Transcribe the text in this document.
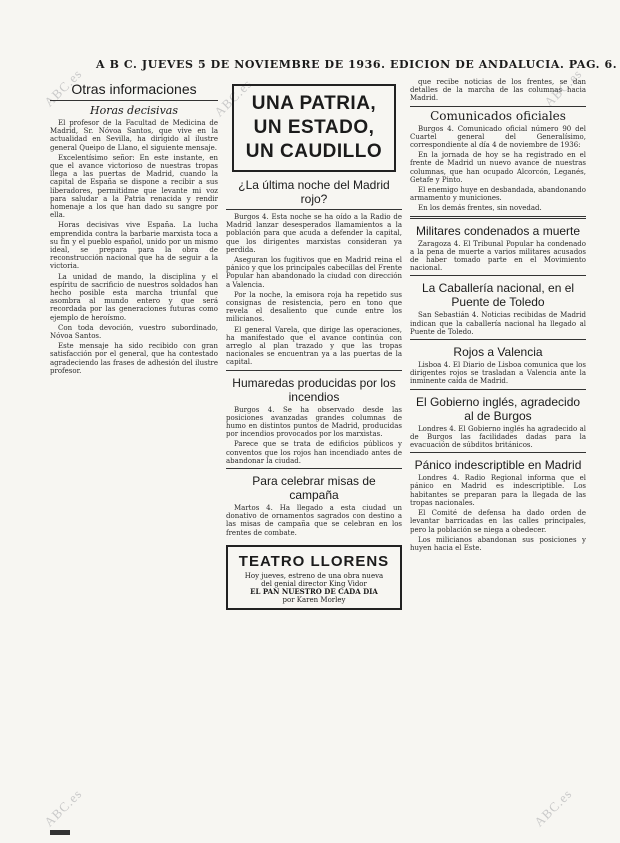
ABC.es	ABC.es	ABC.es
ABC.es	ABC.es
A B C. JUEVES 5 DE NOVIEMBRE DE 1936. EDICION DE ANDALUCIA. PAG. 6.
Otras informaciones
Horas decisivas

El profesor de la Facultad de Medicina de Madrid, Sr. Nóvoa Santos, que vive en la actualidad en Sevilla, ha dirigido al ilustre general Queipo de Llano, el siguiente mensaje.

Excelentísimo señor: En este instante, en que el avance victorioso de nuestras tropas llega a las puertas de Madrid, cuando la capital de España se dispone a recibir a sus liberadores, permitidme que levante mi voz para saludar a la Patria renacida y rendir homenaje a los que han dado su sangre por ella.

Horas decisivas vive España. La lucha emprendida contra la barbarie marxista toca a su fin y el pueblo español, unido por un mismo ideal, se prepara para la obra de reconstrucción nacional que ha de seguir a la victoria.

La unidad de mando, la disciplina y el espíritu de sacrificio de nuestros soldados han hecho posible esta marcha triunfal que asombra al mundo entero y que será recordada por las generaciones futuras como ejemplo de heroísmo.

Con toda devoción, vuestro subordinado, Nóvoa Santos.

Este mensaje ha sido recibido con gran satisfacción por el general, que ha contestado agradeciendo las frases de adhesión del ilustre profesor.

UNA PATRIA,
UN ESTADO,
UN CAUDILLO
¿La última noche del Madrid rojo?

Burgos 4. Esta noche se ha oído a la Radio de Madrid lanzar desesperados llamamientos a la población para que acuda a defender la capital, que los dirigentes marxistas consideran ya perdida.

Aseguran los fugitivos que en Madrid reina el pánico y que los principales cabecillas del Frente Popular han abandonado la ciudad con dirección a Valencia.

Por la noche, la emisora roja ha repetido sus consignas de resistencia, pero en tono que revela el desaliento que cunde entre los milicianos.

El general Varela, que dirige las operaciones, ha manifestado que el avance continúa con arreglo al plan trazado y que las tropas nacionales se encuentran ya a las puertas de la capital.

Humaredas producidas por los incendios

Burgos 4. Se ha observado desde las posiciones avanzadas grandes columnas de humo en distintos puntos de Madrid, producidas por incendios provocados por los marxistas.

Parece que se trata de edificios públicos y conventos que los rojos han incendiado antes de abandonar la ciudad.

Para celebrar misas de campaña

Martos 4. Ha llegado a esta ciudad un donativo de ornamentos sagrados con destino a las misas de campaña que se celebran en los frentes de combate.

TEATRO LLORENS
Hoy jueves, estreno de una obra nueva
del genial director King Vidor
EL PAN NUESTRO DE CADA DIA
por Karen Morley

que recibe noticias de los frentes, se dan detalles de la marcha de las columnas hacia Madrid.

Comunicados oficiales

Burgos 4. Comunicado oficial número 90 del Cuartel general del Generalísimo, correspondiente al día 4 de noviembre de 1936:

En la jornada de hoy se ha registrado en el frente de Madrid un nuevo avance de nuestras columnas, que han ocupado Alcorcón, Leganés, Getafe y Pinto.

El enemigo huye en desbandada, abandonando armamento y municiones.

En los demás frentes, sin novedad.

Militares condenados a muerte

Zaragoza 4. El Tribunal Popular ha condenado a la pena de muerte a varios militares acusados de haber tomado parte en el Movimiento nacional.

La Caballería nacional, en el Puente de Toledo

San Sebastián 4. Noticias recibidas de Madrid indican que la caballería nacional ha llegado al Puente de Toledo.

Rojos a Valencia

Lisboa 4. El Diario de Lisboa comunica que los dirigentes rojos se trasladan a Valencia ante la inminente caída de Madrid.

El Gobierno inglés, agradecido al de Burgos

Londres 4. El Gobierno inglés ha agradecido al de Burgos las facilidades dadas para la evacuación de súbditos británicos.

Pánico indescriptible en Madrid

Londres 4. Radio Regional informa que el pánico en Madrid es indescriptible. Los habitantes se preparan para la llegada de las tropas nacionales.

El Comité de defensa ha dado orden de levantar barricadas en las calles principales, pero la población se niega a obedecer.

Los milicianos abandonan sus posiciones y huyen hacia el Este.
